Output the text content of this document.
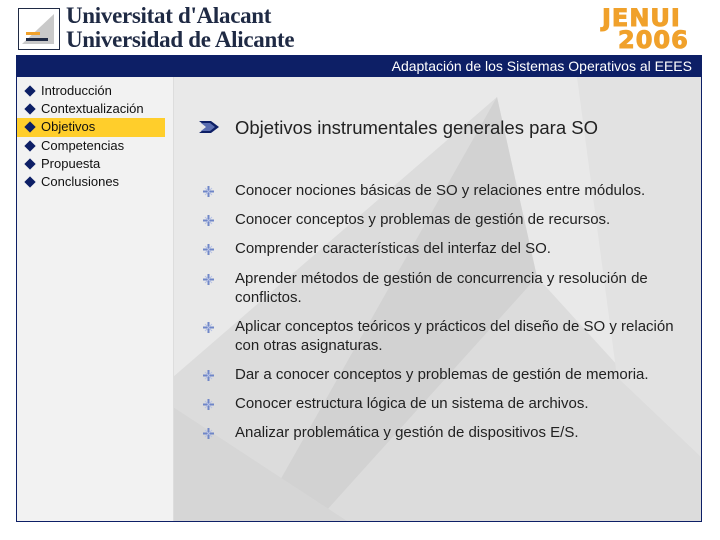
Universitat d'Alacant
Universidad de Alicante
JENUI
2006
Adaptación de los Sistemas Operativos al EEES
Introducción
Contextualización
Objetivos
Competencias
Propuesta
Conclusiones
Objetivos instrumentales generales para SO
Conocer nociones básicas de SO y relaciones entre módulos.
Conocer conceptos y problemas de gestión de recursos.
Comprender características del interfaz del SO.
Aprender métodos de gestión de concurrencia y resolución de conflictos.
Aplicar conceptos teóricos y prácticos del diseño de SO y relación con otras asignaturas.
Dar a conocer conceptos y problemas de gestión de memoria.
Conocer estructura lógica de un sistema de archivos.
Analizar problemática y gestión de dispositivos E/S.
